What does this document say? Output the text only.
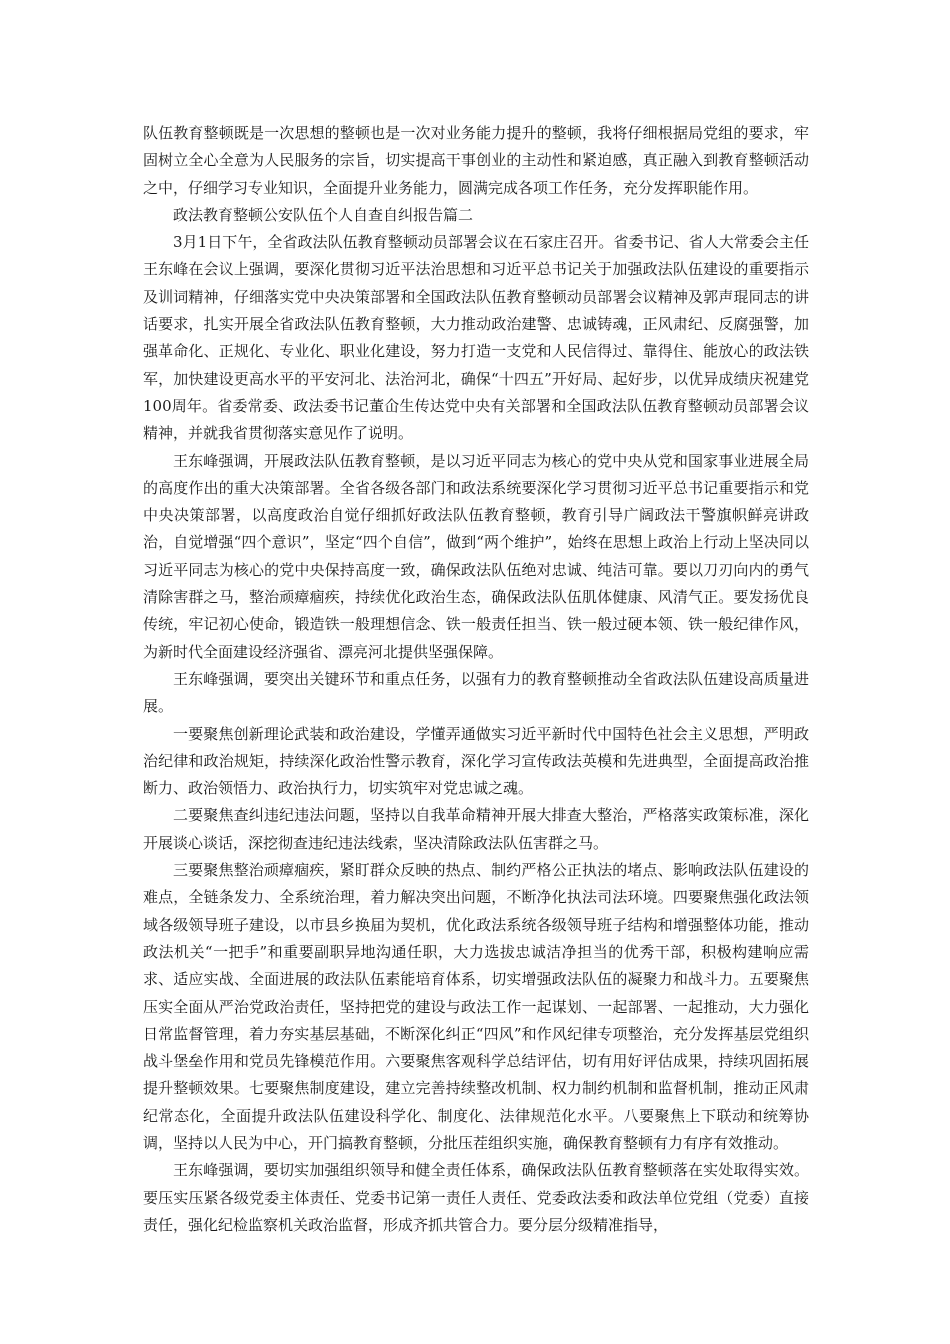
队伍教育整顿既是一次思想的整顿也是一次对业务能力提升的整顿，我将仔细根据局党组的要求，牢固树立全心全意为人民服务的宗旨，切实提高干事创业的主动性和紧迫感，真正融入到教育整顿活动之中，仔细学习专业知识，全面提升业务能力，圆满完成各项工作任务，充分发挥职能作用。

政法教育整顿公安队伍个人自查自纠报告篇二

3月1日下午，全省政法队伍教育整顿动员部署会议在石家庄召开。省委书记、省人大常委会主任王东峰在会议上强调，要深化贯彻习近平法治思想和习近平总书记关于加强政法队伍建设的重要指示及训词精神，仔细落实党中央决策部署和全国政法队伍教育整顿动员部署会议精神及郭声琨同志的讲话要求，扎实开展全省政法队伍教育整顿，大力推动政治建警、忠诚铸魂，正风肃纪、反腐强警，加强革命化、正规化、专业化、职业化建设，努力打造一支党和人民信得过、靠得住、能放心的政法铁军，加快建设更高水平的平安河北、法治河北，确保“十四五”开好局、起好步，以优异成绩庆祝建党100周年。省委常委、政法委书记董仚生传达党中央有关部署和全国政法队伍教育整顿动员部署会议精神，并就我省贯彻落实意见作了说明。

王东峰强调，开展政法队伍教育整顿，是以习近平同志为核心的党中央从党和国家事业进展全局的高度作出的重大决策部署。全省各级各部门和政法系统要深化学习贯彻习近平总书记重要指示和党中央决策部署，以高度政治自觉仔细抓好政法队伍教育整顿，教育引导广阔政法干警旗帜鲜亮讲政治，自觉增强“四个意识”，坚定“四个自信”，做到“两个维护”，始终在思想上政治上行动上坚决同以习近平同志为核心的党中央保持高度一致，确保政法队伍绝对忠诚、纯洁可靠。要以刀刃向内的勇气清除害群之马，整治顽瘴痼疾，持续优化政治生态，确保政法队伍肌体健康、风清气正。要发扬优良传统，牢记初心使命，锻造铁一般理想信念、铁一般责任担当、铁一般过硬本领、铁一般纪律作风，为新时代全面建设经济强省、漂亮河北提供坚强保障。

王东峰强调，要突出关键环节和重点任务，以强有力的教育整顿推动全省政法队伍建设高质量进展。

一要聚焦创新理论武装和政治建设，学懂弄通做实习近平新时代中国特色社会主义思想，严明政治纪律和政治规矩，持续深化政治性警示教育，深化学习宣传政法英模和先进典型，全面提高政治推断力、政治领悟力、政治执行力，切实筑牢对党忠诚之魂。

二要聚焦查纠违纪违法问题，坚持以自我革命精神开展大排查大整治，严格落实政策标准，深化开展谈心谈话，深挖彻查违纪违法线索，坚决清除政法队伍害群之马。

三要聚焦整治顽瘴痼疾，紧盯群众反映的热点、制约严格公正执法的堵点、影响政法队伍建设的难点，全链条发力、全系统治理，着力解决突出问题，不断净化执法司法环境。四要聚焦强化政法领域各级领导班子建设，以市县乡换届为契机，优化政法系统各级领导班子结构和增强整体功能，推动政法机关“一把手”和重要副职异地沟通任职，大力选拔忠诚洁净担当的优秀干部，积极构建响应需求、适应实战、全面进展的政法队伍素能培育体系，切实增强政法队伍的凝聚力和战斗力。五要聚焦压实全面从严治党政治责任，坚持把党的建设与政法工作一起谋划、一起部署、一起推动，大力强化日常监督管理，着力夯实基层基础，不断深化纠正“四风”和作风纪律专项整治，充分发挥基层党组织战斗堡垒作用和党员先锋模范作用。六要聚焦客观科学总结评估，切有用好评估成果，持续巩固拓展提升整顿效果。七要聚焦制度建设，建立完善持续整改机制、权力制约机制和监督机制，推动正风肃纪常态化，全面提升政法队伍建设科学化、制度化、法律规范化水平。八要聚焦上下联动和统筹协调，坚持以人民为中心，开门搞教育整顿，分批压茬组织实施，确保教育整顿有力有序有效推动。

王东峰强调，要切实加强组织领导和健全责任体系，确保政法队伍教育整顿落在实处取得实效。要压实压紧各级党委主体责任、党委书记第一责任人责任、党委政法委和政法单位党组（党委）直接责任，强化纪检监察机关政治监督，形成齐抓共管合力。要分层分级精准指导，
